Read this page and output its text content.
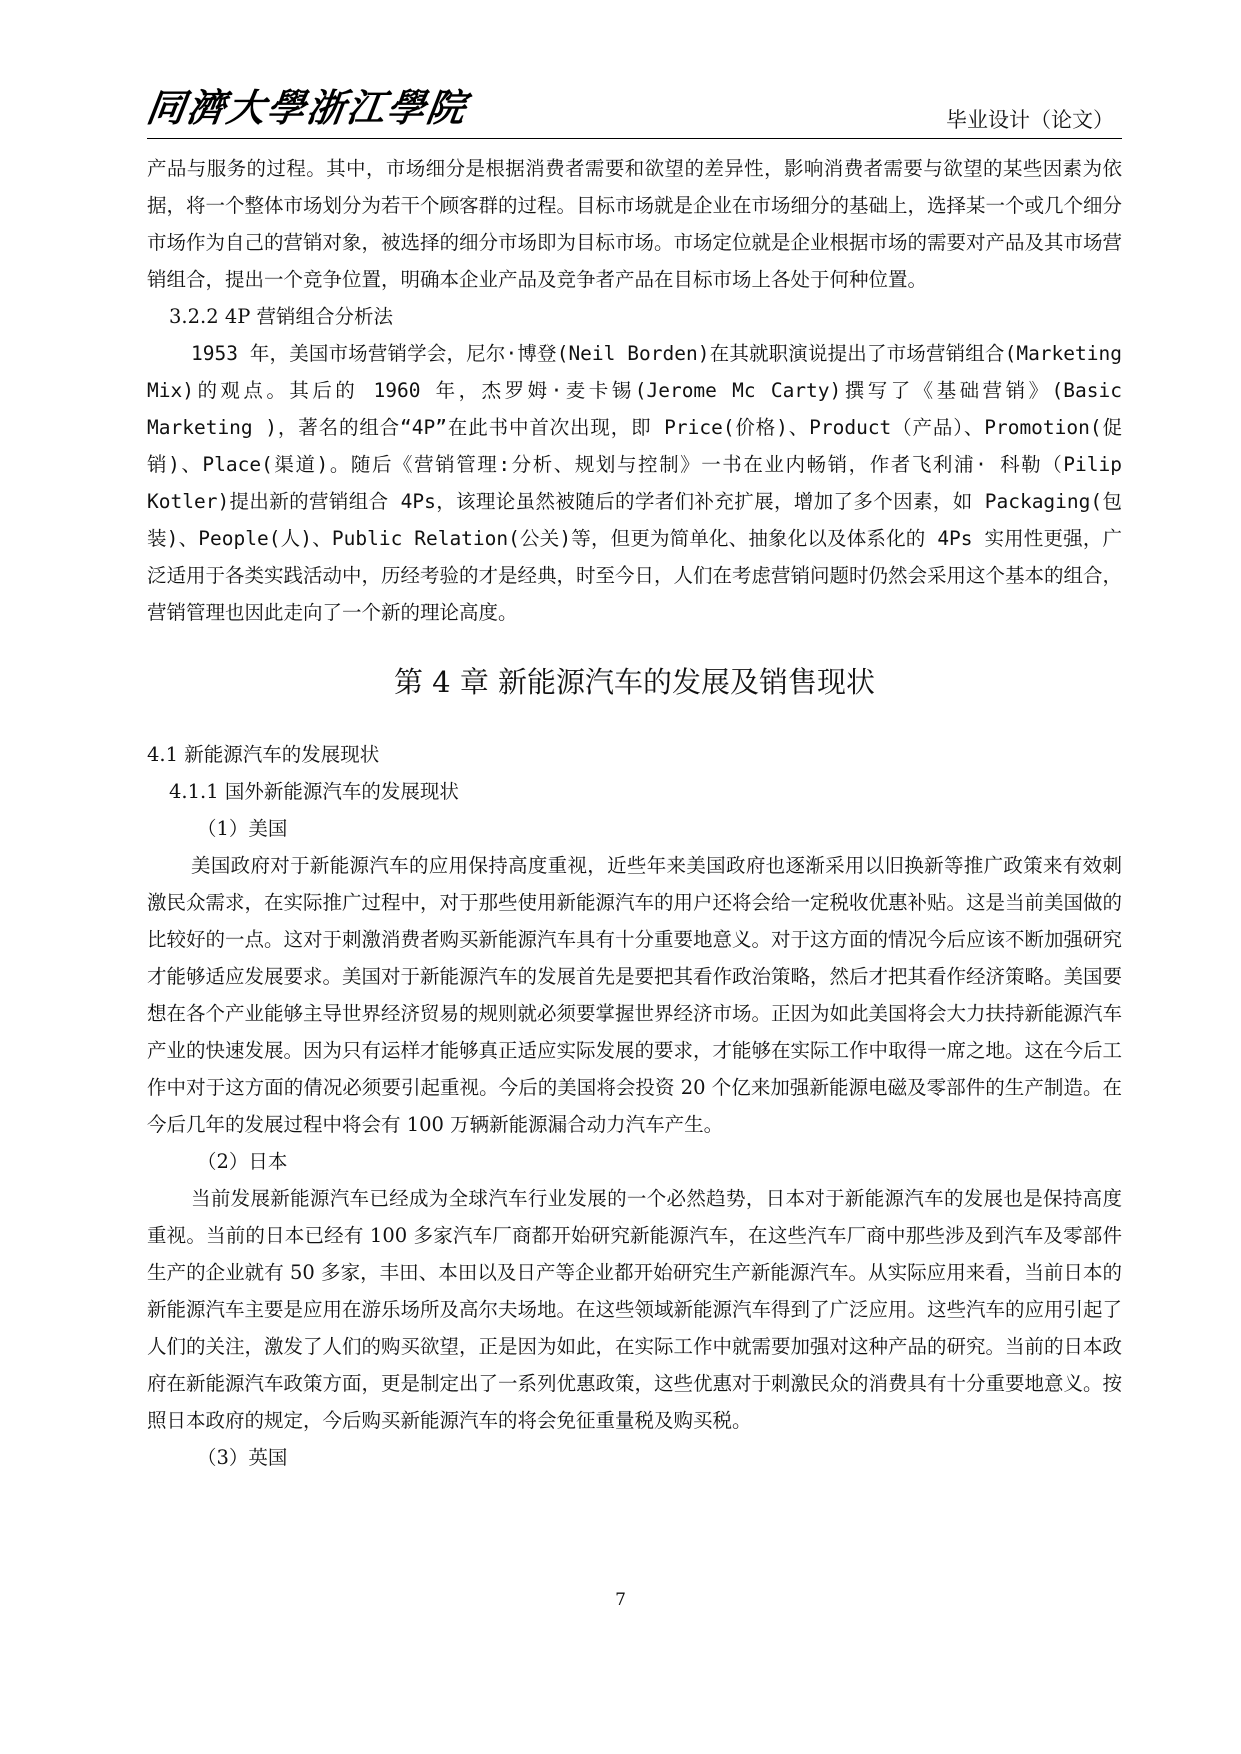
同濟大學浙江學院	毕业设计（论文）

产品与服务的过程。其中，市场细分是根据消费者需要和欲望的差异性，影响消费者需要与欲望的某些因素为依据，将一个整体市场划分为若干个顾客群的过程。目标市场就是企业在市场细分的基础上，选择某一个或几个细分市场作为自己的营销对象，被选择的细分市场即为目标市场。市场定位就是企业根据市场的需要对产品及其市场营销组合，提出一个竞争位置，明确本企业产品及竞争者产品在目标市场上各处于何种位置。

3.2.2 4P 营销组合分析法

1953 年，美国市场营销学会，尼尔·博登(Neil Borden)在其就职演说提出了市场营销组合(Marketing Mix)的观点。其后的 1960 年，杰罗姆·麦卡锡(Jerome Mc Carty)撰写了《基础营销》(Basic Marketing )，著名的组合“4P”在此书中首次出现，即 Price(价格)、Product（产品）、Promotion(促销)、Place(渠道)。随后《营销管理:分析、规划与控制》一书在业内畅销，作者飞利浦· 科勒（Pilip Kotler)提出新的营销组合 4Ps，该理论虽然被随后的学者们补充扩展，增加了多个因素，如 Packaging(包装)、People(人)、Public Relation(公关)等，但更为简单化、抽象化以及体系化的 4Ps 实用性更强，广泛适用于各类实践活动中，历经考验的才是经典，时至今日，人们在考虑营销问题时仍然会采用这个基本的组合，营销管理也因此走向了一个新的理论高度。

第 4 章 新能源汽车的发展及销售现状

4.1 新能源汽车的发展现状

4.1.1 国外新能源汽车的发展现状

（1）美国

美国政府对于新能源汽车的应用保持高度重视，近些年来美国政府也逐渐采用以旧换新等推广政策来有效刺激民众需求，在实际推广过程中，对于那些使用新能源汽车的用户还将会给一定税收优惠补贴。这是当前美国做的比较好的一点。这对于刺激消费者购买新能源汽车具有十分重要地意义。对于这方面的情况今后应该不断加强研究才能够适应发展要求。美国对于新能源汽车的发展首先是要把其看作政治策略，然后才把其看作经济策略。美国要想在各个产业能够主导世界经济贸易的规则就必须要掌握世界经济市场。正因为如此美国将会大力扶持新能源汽车产业的快速发展。因为只有运样才能够真正适应实际发展的要求，才能够在实际工作中取得一席之地。这在今后工作中对于这方面的倩况必须要引起重视。今后的美国将会投资 20 个亿来加强新能源电磁及零部件的生产制造。在今后几年的发展过程中将会有 100 万辆新能源漏合动力汽车产生。

（2）日本

当前发展新能源汽车已经成为全球汽车行业发展的一个必然趋势，日本对于新能源汽车的发展也是保持高度重视。当前的日本已经有 100 多家汽车厂商都开始研究新能源汽车，在这些汽车厂商中那些涉及到汽车及零部件生产的企业就有 50 多家，丰田、本田以及日产等企业都开始研究生产新能源汽车。从实际应用来看，当前日本的新能源汽车主要是应用在游乐场所及高尔夫场地。在这些领域新能源汽车得到了广泛应用。这些汽车的应用引起了人们的关注，激发了人们的购买欲望，正是因为如此，在实际工作中就需要加强对这种产品的研究。当前的日本政府在新能源汽车政策方面，更是制定出了一系列优惠政策，这些优惠对于刺激民众的消费具有十分重要地意义。按照日本政府的规定，今后购买新能源汽车的将会免征重量税及购买税。

（3）英国

7
